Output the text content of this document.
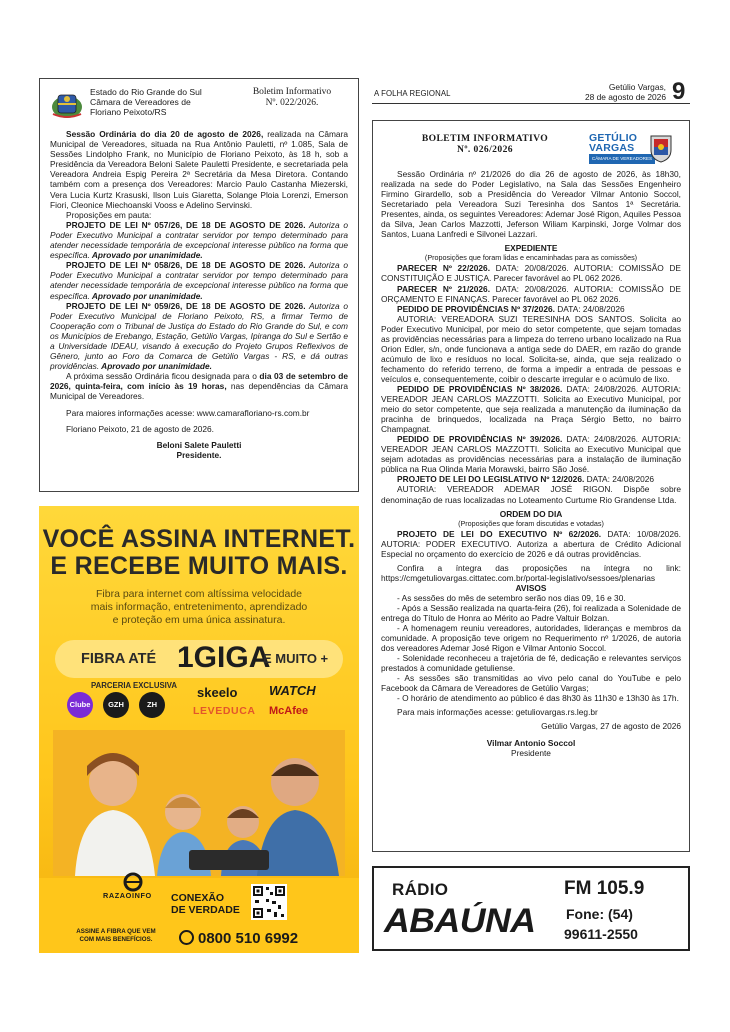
Estado do Rio Grande do Sul
Câmara de Vereadores de
Floriano Peixoto/RS
Boletim Informativo
Nº. 022/2026.

Sessão Ordinária do dia 20 de agosto de 2026, realizada na Câmara Municipal de Vereadores, situada na Rua Antônio Pauletti, nº 1.085, Sala de Sessões Lindolpho Frank, no Município de Floriano Peixoto, às 18 h, sob a Presidência da Vereadora Beloni Salete Pauletti Presidente, e secretariada pela Vereadora Andreia Espig Pereira 2ª Secretária da Mesa Diretora. Contando também com a presença dos Vereadores: Marcio Paulo Castanha Miezerski, Vera Lucia Kurtz Krasuski, Ilson Luis Giaretta, Solange Ploia Lorenzi, Emerson Fiori, Cleonice Miechoanski Vooss e Adelino Servinski.

Proposições em pauta:

PROJETO DE LEI Nº 057/26, DE 18 DE AGOSTO DE 2026. Autoriza o Poder Executivo Municipal a contratar servidor por tempo determinado para atender necessidade temporária de excepcional interesse público na forma que específica. Aprovado por unanimidade.

PROJETO DE LEI Nº 058/26, DE 18 DE AGOSTO DE 2026. Autoriza o Poder Executivo Municipal a contratar servidor por tempo determinado para atender necessidade temporária de excepcional interesse público na forma que específica. Aprovado por unanimidade.

PROJETO DE LEI Nº 059/26, DE 18 DE AGOSTO DE 2026. Autoriza o Poder Executivo Municipal de Floriano Peixoto, RS, a firmar Termo de Cooperação com o Tribunal de Justiça do Estado do Rio Grande do Sul, e com os Municípios de Erebango, Estação, Getúlio Vargas, Ipiranga do Sul e Sertão e a Universidade IDEAU, visando à execução do Projeto Grupos Reflexivos de Gênero, junto ao Foro da Comarca de Getúlio Vargas - RS, e dá outras providências. Aprovado por unanimidade.

A próxima sessão Ordinária ficou designada para o dia 03 de setembro de 2026, quinta-feira, com início às 19 horas, nas dependências da Câmara Municipal de Vereadores.

Para maiores informações acesse: www.camarafloriano-rs.com.br

Floriano Peixoto, 21 de agosto de 2026.

Beloni Salete Pauletti

Presidente.

A FOLHA REGIONAL
Getúlio Vargas,
28 de agosto de 2026 9
BOLETIM INFORMATIVO
Nº. 026/2026
GETÚLIO VARGAS
CÂMARA DE VEREADORES

Sessão Ordinária nº 21/2026 do dia 26 de agosto de 2026, às 18h30, realizada na sede do Poder Legislativo, na Sala das Sessões Engenheiro Firmino Girardello, sob a Presidência do Vereador Vilmar Antonio Soccol, Secretariado pela Vereadora Suzi Teresinha dos Santos 1ª Secretária. Presentes, ainda, os seguintes Vereadores: Ademar José Rigon, Aquiles Pessoa da Silva, Jean Carlos Mazzotti, Jeferson Wiliam Karpinski, Jorge Volmar dos Santos, Luana Lanfredi e Silvonei Lazzari.

EXPEDIENTE

(Proposições que foram lidas e encaminhadas para as comissões)

PARECER Nº 22/2026. DATA: 20/08/2026. AUTORIA: COMISSÃO DE CONSTITUIÇÃO E JUSTIÇA. Parecer favorável ao PL 062 2026.

PARECER Nº 21/2026. DATA: 20/08/2026. AUTORIA: COMISSÃO DE ORÇAMENTO E FINANÇAS. Parecer favorável ao PL 062 2026.

PEDIDO DE PROVIDÊNCIAS Nº 37/2026. DATA: 24/08/2026

AUTORIA: VEREADORA SUZI TERESINHA DOS SANTOS. Solicita ao Poder Executivo Municipal, por meio do setor competente, que sejam tomadas as providências necessárias para a limpeza do terreno urbano localizado na Rua Orion Edler, s/n, onde funcionava a antiga sede do DAER, em razão do grande acúmulo de lixo e resíduos no local. Solicita-se, ainda, que seja realizado o fechamento do referido terreno, de forma a impedir a entrada de pessoas e veículos e, consequentemente, coibir o descarte irregular e o acúmulo de lixo.

PEDIDO DE PROVIDÊNCIAS Nº 38/2026. DATA: 24/08/2026. AUTORIA: VEREADOR JEAN CARLOS MAZZOTTI. Solicita ao Executivo Municipal, por meio do setor competente, que seja realizada a manutenção da iluminação da pracinha de brinquedos, localizada na Praça Sérgio Betto, no bairro Champagnat.

PEDIDO DE PROVIDÊNCIAS Nº 39/2026. DATA: 24/08/2026. AUTORIA: VEREADOR JEAN CARLOS MAZZOTTI. Solicita ao Executivo Municipal que sejam adotadas as providências necessárias para a instalação de iluminação pública na Rua Olinda Maria Morawski, bairro São José.

PROJETO DE LEI DO LEGISLATIVO Nº 12/2026. DATA: 24/08/2026

AUTORIA: VEREADOR ADEMAR JOSÉ RIGON. Dispõe sobre denominação de ruas localizadas no Loteamento Curtume Rio Grandense Ltda.

ORDEM DO DIA

(Proposições que foram discutidas e votadas)

PROJETO DE LEI DO EXECUTIVO Nº 62/2026. DATA: 10/08/2026. AUTORIA: PODER EXECUTIVO. Autoriza a abertura de Crédito Adicional Especial no orçamento do exercício de 2026 e dá outras providências.

Confira a íntegra das proposições na íntegra no link: https://cmgetuliovargas.cittatec.com.br/portal-legislativo/sessoes/plenarias

AVISOS

- As sessões do mês de setembro serão nos dias 09, 16 e 30.

- Após a Sessão realizada na quarta-feira (26), foi realizada a Solenidade de entrega do Título de Honra ao Mérito ao Padre Valtuir Bolzan.

- A homenagem reuniu vereadores, autoridades, lideranças e membros da comunidade. A proposição teve origem no Requerimento nº 1/2026, de autoria dos vereadores Ademar José Rigon e Vilmar Antonio Soccol.

- Solenidade reconheceu a trajetória de fé, dedicação e relevantes serviços prestados à comunidade getuliense.

- As sessões são transmitidas ao vivo pelo canal do YouTube e pelo Facebook da Câmara de Vereadores de Getúlio Vargas;

- O horário de atendimento ao público é das 8h30 às 11h30 e 13h30 às 17h.

Para mais informações acesse: getuliovargas.rs.leg.br

Getúlio Vargas, 27 de agosto de 2026

Vilmar Antonio Soccol

Presidente

VOCÊ ASSINA INTERNET.
E RECEBE MUITO MAIS.
Fibra para internet com altíssima velocidade
mais informação, entretenimento, aprendizado
e proteção em uma única assinatura.
FIBRA ATÉ 1GIGA
E MUITO +
PARCERIA EXCLUSIVA
Clube	GZH	ZH
skeelo WATCH
LEVEDUCA McAfee
RAZAOINFO CONEXÃO
DE VERDADE
ASSINE A FIBRA QUE VEM
COM MAIS BENEFÍCIOS.	0800 510 6992
RÁDIO
ABAÚNA
FM 105.9
Fone: (54)
99611-2550
